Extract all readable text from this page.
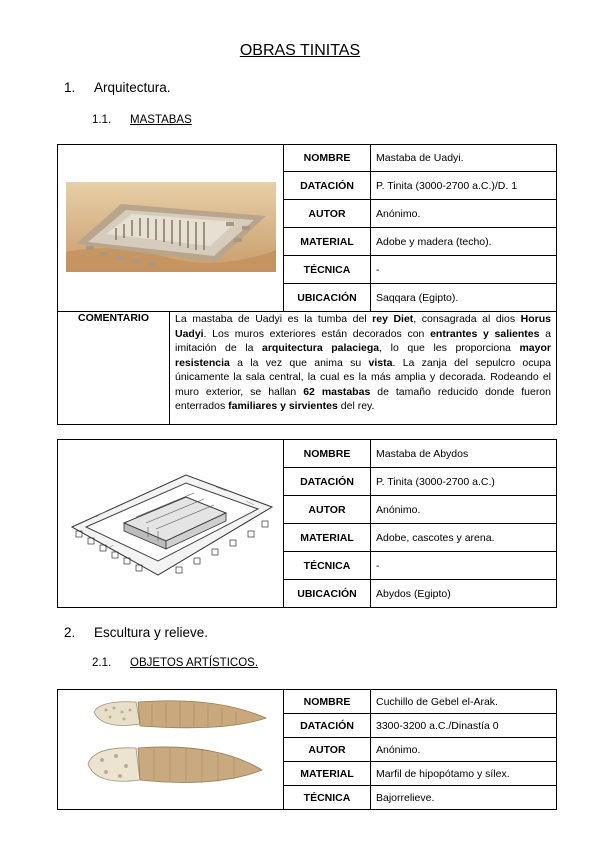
OBRAS TINITAS
1. Arquitectura.
1.1. MASTABAS
	NOMBRE	Mastaba de Uadyi.
		DATACIÓN	P. Tinita (3000-2700 a.C.)/D. 1
		AUTOR	Anónimo.
		MATERIAL	Adobe y madera (techo).
		TÉCNICA	-
		UBICACIÓN	Saqqara (Egipto).
COMENTARIO	La mastaba de Uadyi es la tumba del rey Diet, consagrada al dios Horus Uadyi. Los muros exteriores están decorados con entrantes y salientes a imitación de la arquitectura palaciega, lo que les proporciona mayor resistencia a la vez que anima su vista. La zanja del sepulcro ocupa únicamente la sala central, la cual es la más amplia y decorada. Rodeando el muro exterior, se hallan 62 mastabas de tamaño reducido donde fueron enterrados familiares y sirvientes del rey.		
	NOMBRE	Mastaba de Abydos
	DATACIÓN	P. Tinita (3000-2700 a.C.)
	AUTOR	Anónimo.
	MATERIAL	Adobe, cascotes y arena.
	TÉCNICA	-
	UBICACIÓN	Abydos (Egipto)
2. Escultura y relieve.
2.1. OBJETOS ARTÍSTICOS.
	NOMBRE	Cuchillo de Gebel el-Arak.
	DATACIÓN	3300-3200 a.C./Dinastía 0
	AUTOR	Anónimo.
	MATERIAL	Marfil de hipopótamo y sílex.
	TÉCNICA	Bajorrelieve.
